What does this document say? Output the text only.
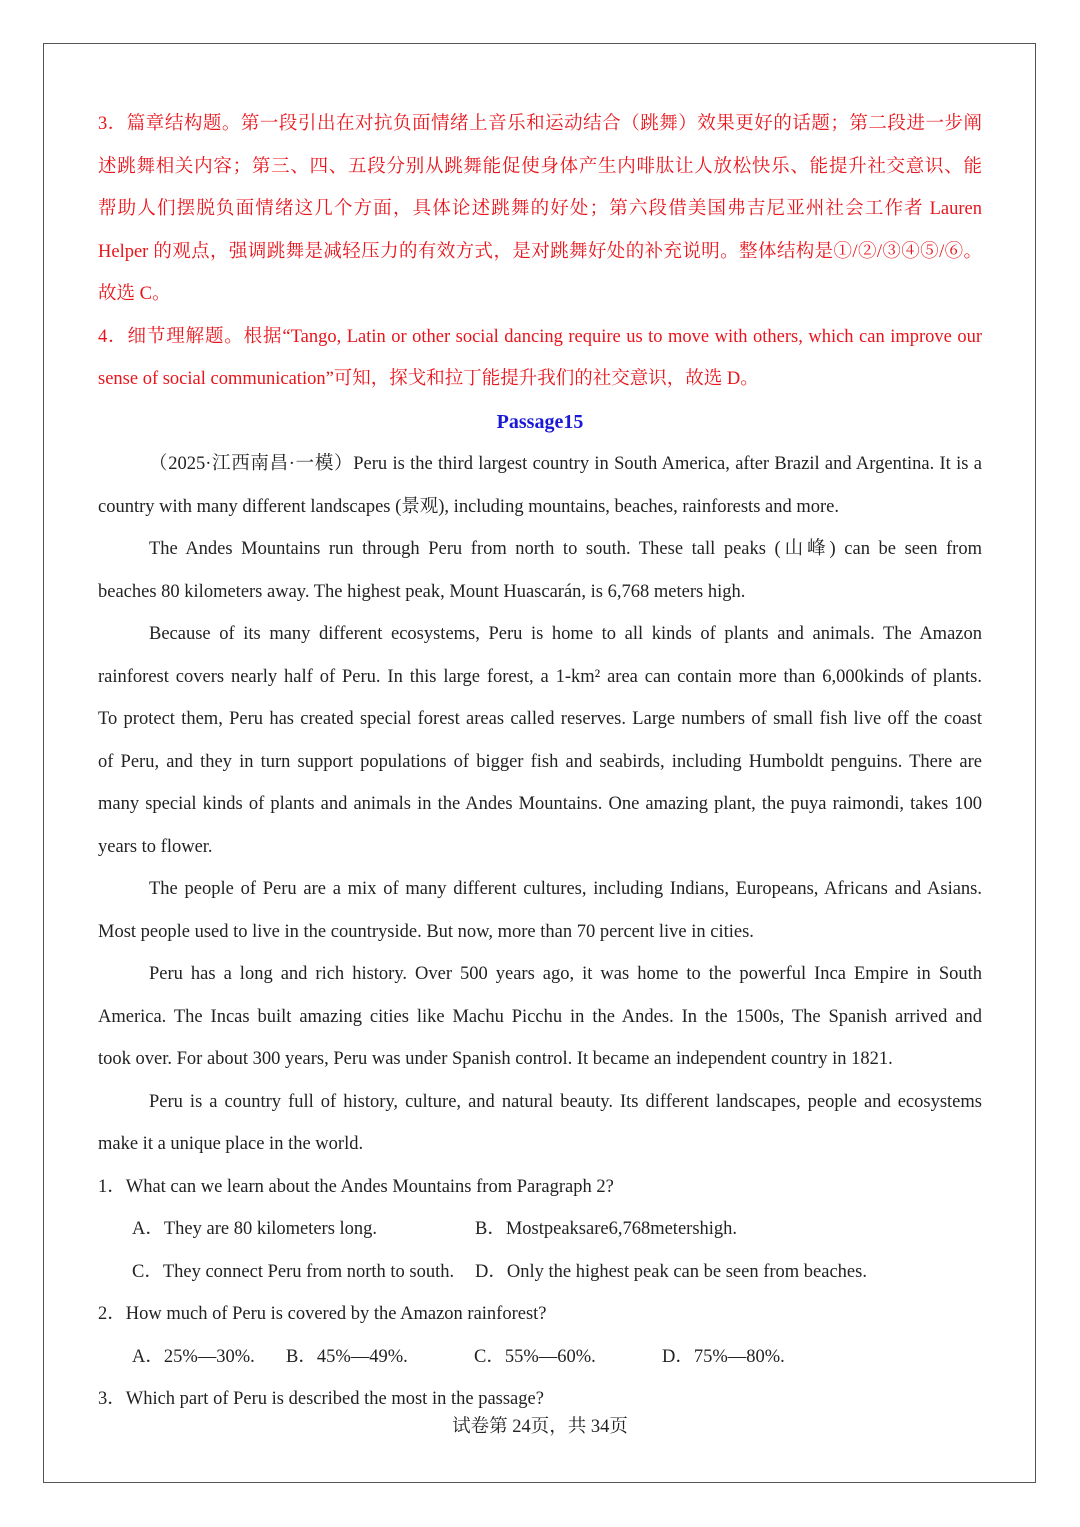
3．篇章结构题。第一段引出在对抗负面情绪上音乐和运动结合（跳舞）效果更好的话题；第二段进一步阐
述跳舞相关内容；第三、四、五段分别从跳舞能促使身体产生内啡肽让人放松快乐、能提升社交意识、能
帮助人们摆脱负面情绪这几个方面，具体论述跳舞的好处；第六段借美国弗吉尼亚州社会工作者 Lauren
Helper 的观点，强调跳舞是减轻压力的有效方式，是对跳舞好处的补充说明。整体结构是①/②/③④⑤/⑥。
故选 C。
4．细节理解题。根据“Tango, Latin or other social dancing require us to move with others, which can improve our
sense of social communication”可知，探戈和拉丁能提升我们的社交意识，故选 D。
Passage15
（2025·江西南昌·一模）Peru is the third largest country in South America, after Brazil and Argentina. It is a
country with many different landscapes (景观), including mountains, beaches, rainforests and more.
The Andes Mountains run through Peru from north to south. These tall peaks (山峰) can be seen from
beaches 80 kilometers away. The highest peak, Mount Huascarán, is 6,768 meters high.
Because of its many different ecosystems, Peru is home to all kinds of plants and animals. The Amazon
rainforest covers nearly half of Peru. In this large forest, a 1-km² area can contain more than 6,000kinds of plants.
To protect them, Peru has created special forest areas called reserves. Large numbers of small fish live off the coast
of Peru, and they in turn support populations of bigger fish and seabirds, including Humboldt penguins. There are
many special kinds of plants and animals in the Andes Mountains. One amazing plant, the puya raimondi, takes 100
years to flower.
The people of Peru are a mix of many different cultures, including Indians, Europeans, Africans and Asians.
Most people used to live in the countryside. But now, more than 70 percent live in cities.
Peru has a long and rich history. Over 500 years ago, it was home to the powerful Inca Empire in South
America. The Incas built amazing cities like Machu Picchu in the Andes. In the 1500s, The Spanish arrived and
took over. For about 300 years, Peru was under Spanish control. It became an independent country in 1821.
Peru is a country full of history, culture, and natural beauty. Its different landscapes, people and ecosystems
make it a unique place in the world.
1．What can we learn about the Andes Mountains from Paragraph 2?
A．They are 80 kilometers long.	B．Mostpeaksare6,768metershigh.
C．They connect Peru from north to south.	D．Only the highest peak can be seen from beaches.
2．How much of Peru is covered by the Amazon rainforest?
A．25%—30%.	B．45%—49%.	C．55%—60%.	D．75%—80%.
3．Which part of Peru is described the most in the passage?
试卷第 24页，共 34页
